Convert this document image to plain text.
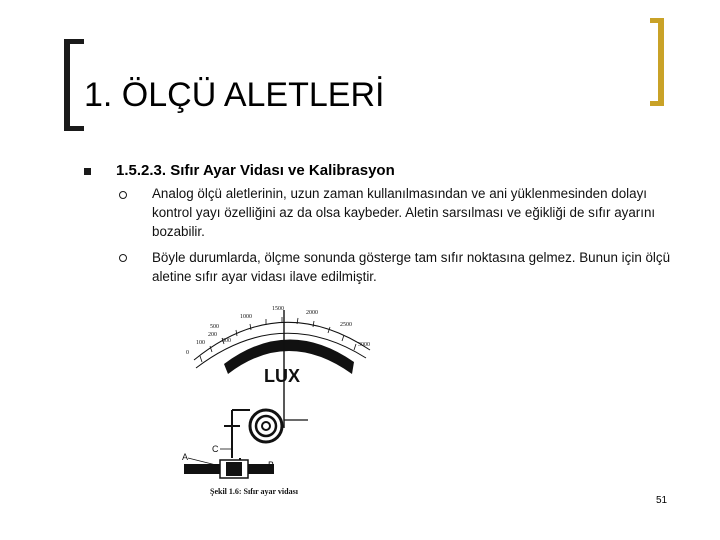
1. ÖLÇÜ ALETLERİ
1.5.2.3. Sıfır Ayar Vidası ve Kalibrasyon
Analog ölçü aletlerinin, uzun zaman kullanılmasından ve ani yüklenmesinden dolayı kontrol yayı özelliğini az da olsa kaybeder. Aletin sarsılması ve eğikliği de sıfır ayarını bozabilir.
Böyle durumlarda, ölçme sonunda gösterge tam sıfır noktasına gelmez. Bunun için ölçü aletine sıfır ayar vidası ilave edilmiştir.
0
100
200
300
500
1000
1500
2000
2500
3000
LUX
A
B
C
Şekil 1.6: Sıfır ayar vidası
51
